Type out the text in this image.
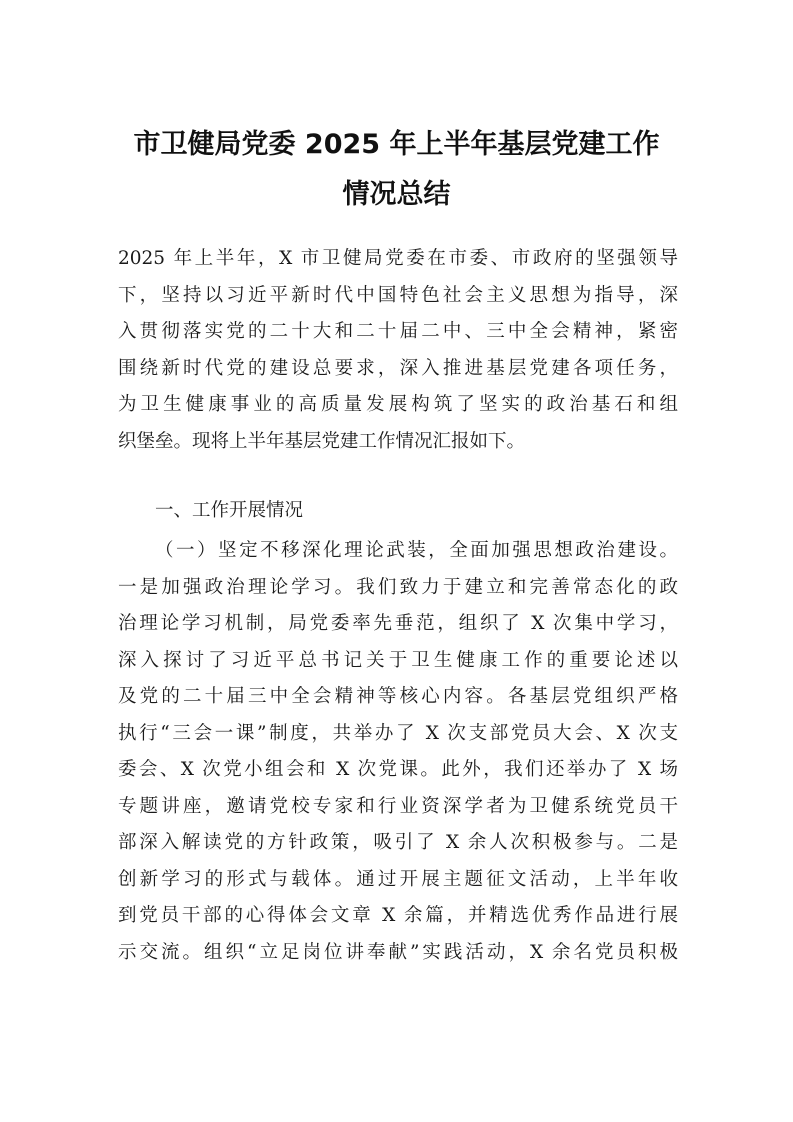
市卫健局党委 2025 年上半年基层党建工作
情况总结
2025 年上半年，X 市卫健局党委在市委、市政府的坚强领导
下，坚持以习近平新时代中国特色社会主义思想为指导，深
入贯彻落实党的二十大和二十届二中、三中全会精神，紧密
围绕新时代党的建设总要求，深入推进基层党建各项任务，
为卫生健康事业的高质量发展构筑了坚实的政治基石和组
织堡垒。现将上半年基层党建工作情况汇报如下。
一、工作开展情况
（一）坚定不移深化理论武装，全面加强思想政治建设。
一是加强政治理论学习。我们致力于建立和完善常态化的政
治理论学习机制，局党委率先垂范，组织了 X 次集中学习，
深入探讨了习近平总书记关于卫生健康工作的重要论述以
及党的二十届三中全会精神等核心内容。各基层党组织严格
执行“三会一课”制度，共举办了 X 次支部党员大会、X 次支
委会、X 次党小组会和 X 次党课。此外，我们还举办了 X 场
专题讲座，邀请党校专家和行业资深学者为卫健系统党员干
部深入解读党的方针政策，吸引了 X 余人次积极参与。二是
创新学习的形式与载体。通过开展主题征文活动，上半年收
到党员干部的心得体会文章 X 余篇，并精选优秀作品进行展
示交流。组织“立足岗位讲奉献”实践活动，X 余名党员积极
